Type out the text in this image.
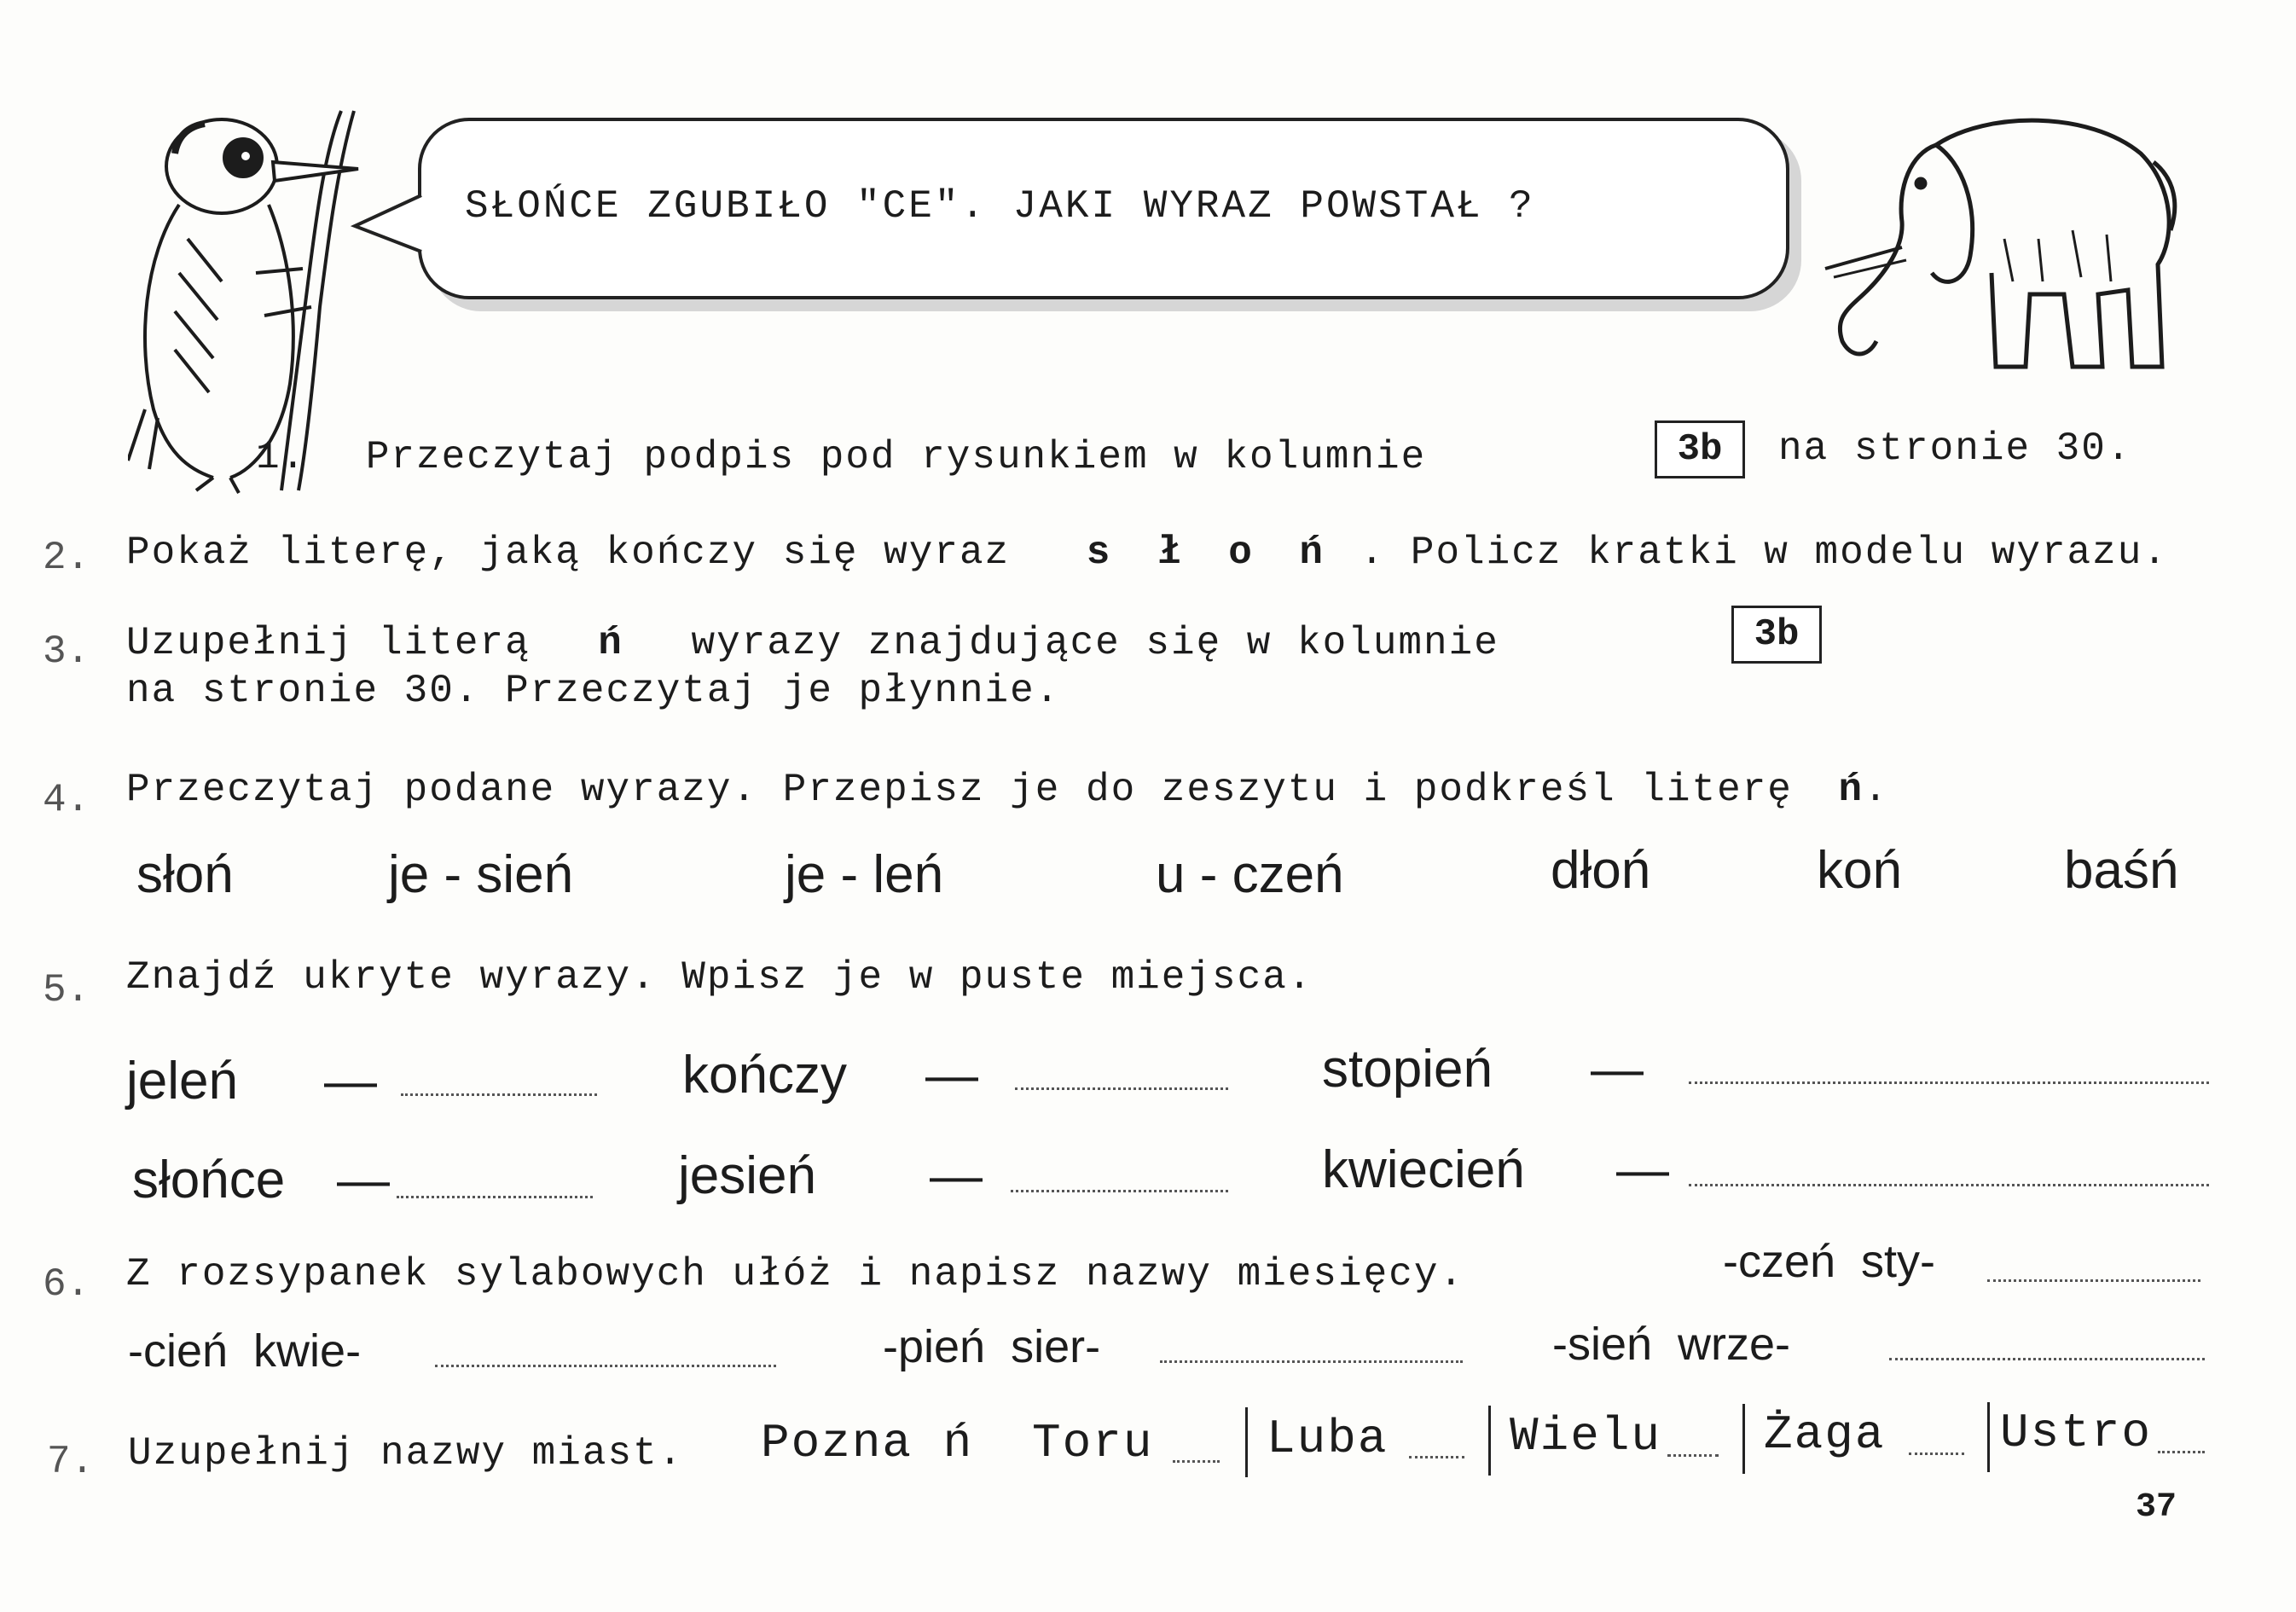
SŁOŃCE ZGUBIŁO "CE". JAKI WYRAZ POWSTAŁ ?
1. Przeczytaj podpis pod rysunkiem w kolumnie	3b	na stronie 30.
2. Pokaż literę, jaką kończy się wyraz s ł o ń . Policz kratki w modelu wyrazu.
3. Uzupełnij literą ń wyrazy znajdujące się w kolumnie	3b
na stronie 30. Przeczytaj je płynnie.
4. Przeczytaj podane wyrazy. Przepisz je do zeszytu i podkreśl literę ń.
słoń	je - sień	je - leń	u - czeń	dłoń	koń	baśń
5. Znajdź ukryte wyrazy. Wpisz je w puste miejsca.
jeleń —	kończy —	stopień —
słońce —	jesień —	kwiecień —
6. Z rozsypanek sylabowych ułóż i napisz nazwy miesięcy.	-czeń  sty-
-cień  kwie-	-pień  sier-	-sień  wrze-
7. Uzupełnij nazwy miast. Pozna ń Toru Luba	Wielu Żaga Ustro
37
